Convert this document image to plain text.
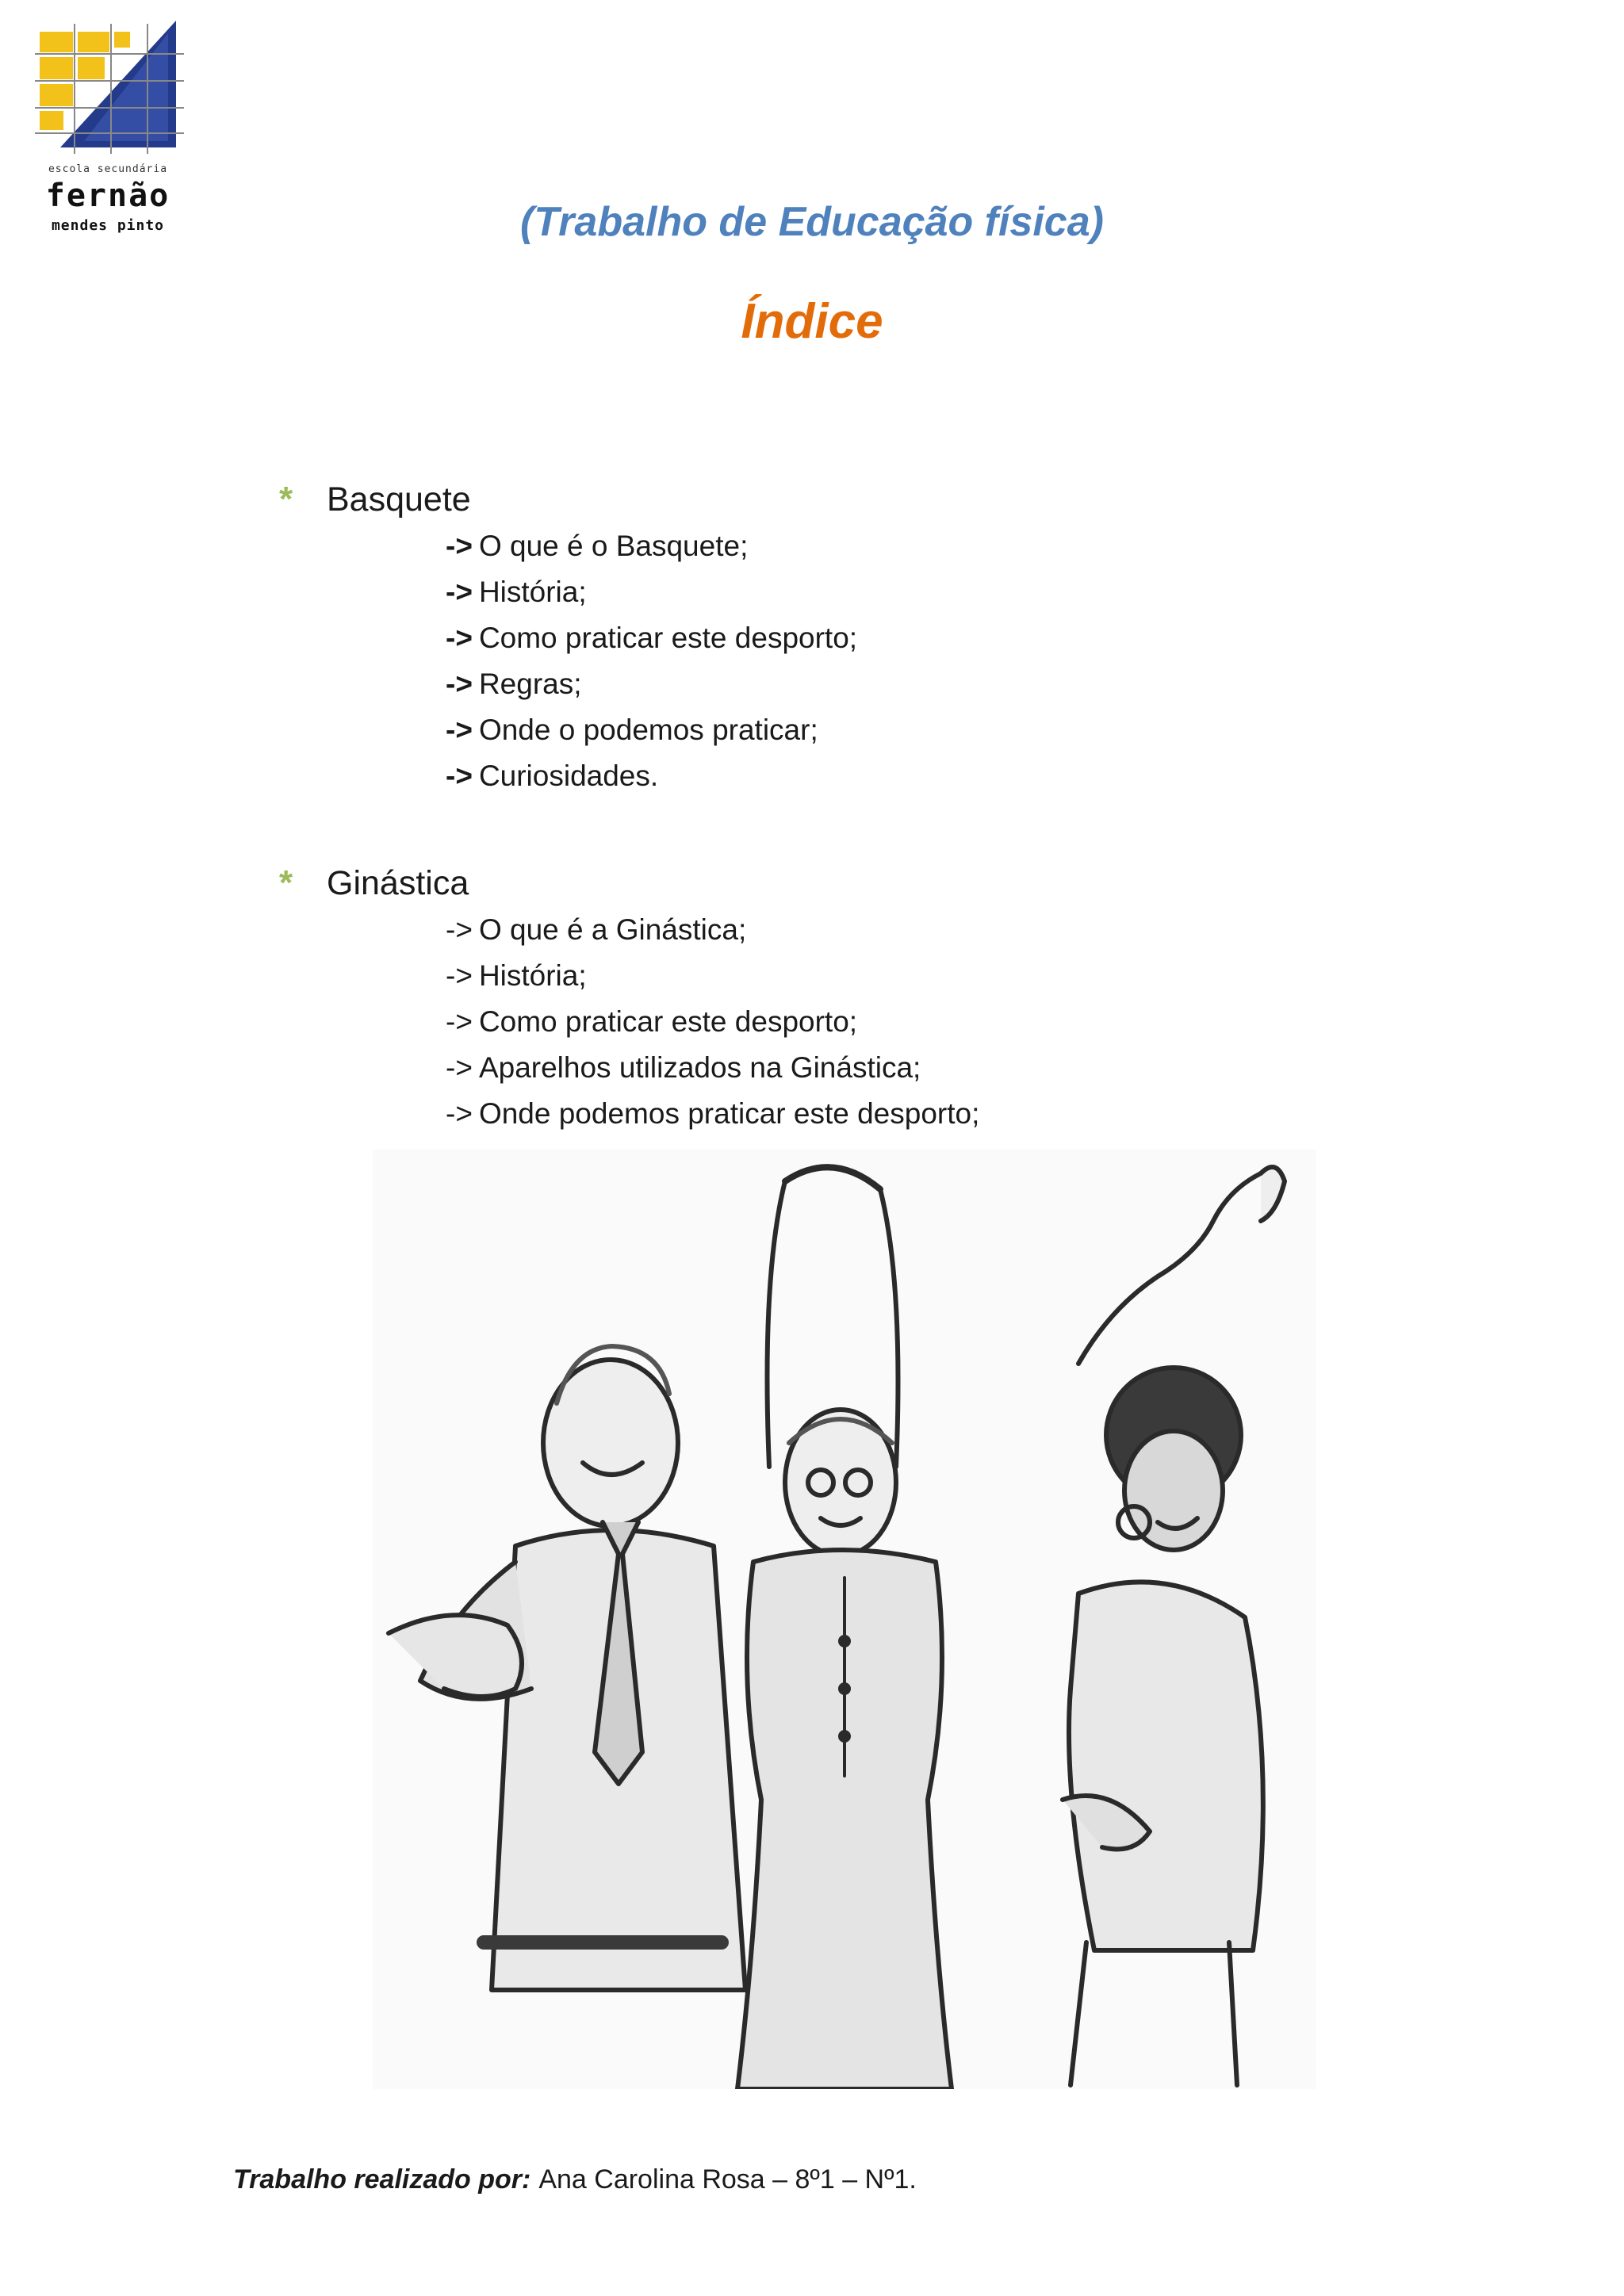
escola secundária
fernão
mendes pinto	(Trabalho de Educação física)
Índice
* Basquete
-> O que é o Basquete;
-> História;
-> Como praticar este desporto;
-> Regras;
-> Onde o podemos praticar;
-> Curiosidades.
* Ginástica
-> O que é a Ginástica;
-> História;
-> Como praticar este desporto;
-> Aparelhos utilizados na Ginástica;
-> Onde podemos praticar este desporto;
Trabalho realizado por: Ana Carolina Rosa – 8º1 – Nº1.
